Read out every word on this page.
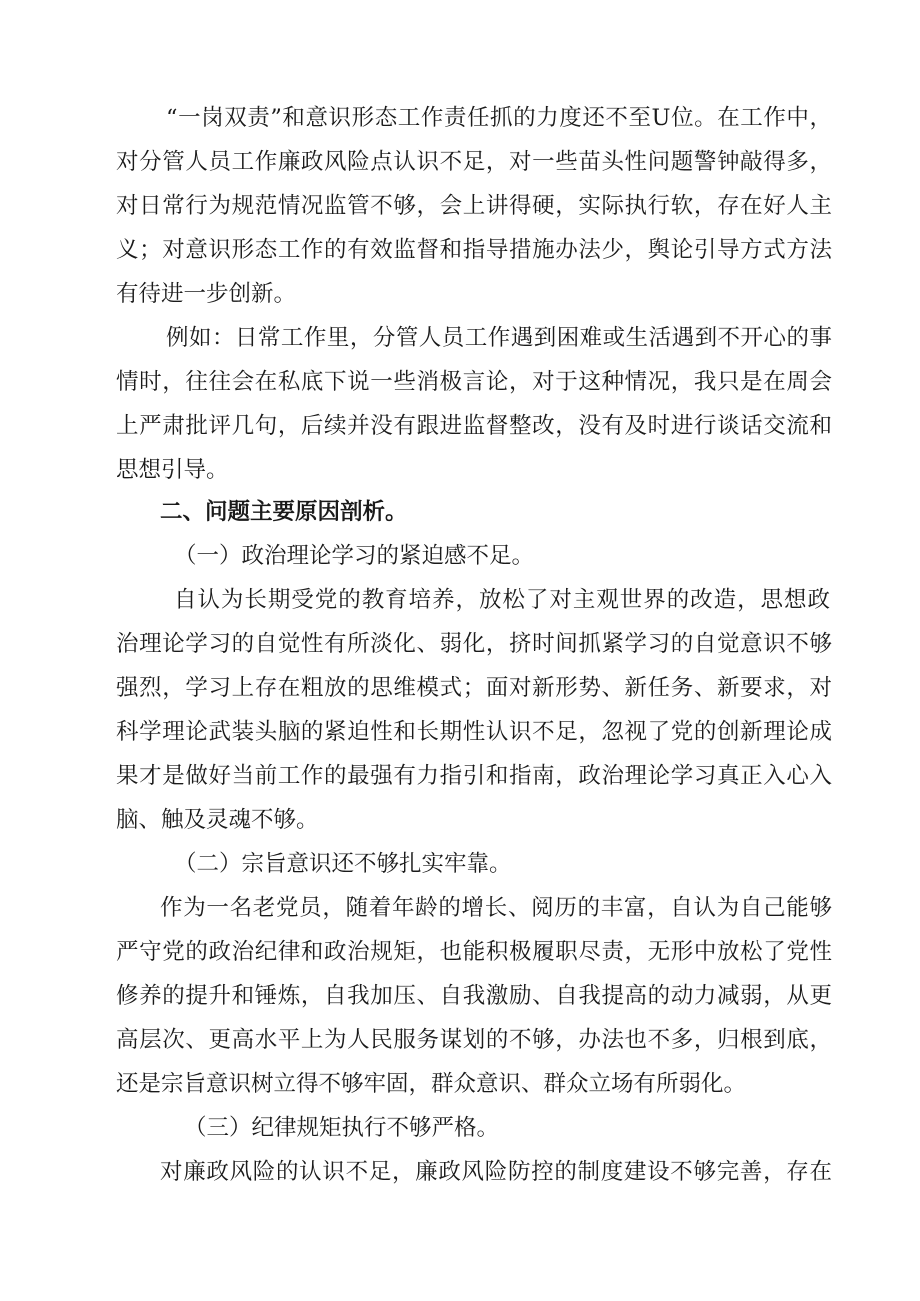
“一岗双责”和意识形态工作责任抓的力度还不至U位。在工作中，
对分管人员工作廉政风险点认识不足，对一些苗头性问题警钟敲得多，
对日常行为规范情况监管不够，会上讲得硬，实际执行软，存在好人主
义；对意识形态工作的有效监督和指导措施办法少，舆论引导方式方法
有待进一步创新。
例如：日常工作里，分管人员工作遇到困难或生活遇到不开心的事
情时，往往会在私底下说一些消极言论，对于这种情况，我只是在周会
上严肃批评几句，后续并没有跟进监督整改，没有及时进行谈话交流和
思想引导。
二、问题主要原因剖析。
（一）政治理论学习的紧迫感不足。
自认为长期受党的教育培养，放松了对主观世界的改造，思想政
治理论学习的自觉性有所淡化、弱化，挤时间抓紧学习的自觉意识不够
强烈，学习上存在粗放的思维模式；面对新形势、新任务、新要求，对
科学理论武装头脑的紧迫性和长期性认识不足，忽视了党的创新理论成
果才是做好当前工作的最强有力指引和指南，政治理论学习真正入心入
脑、触及灵魂不够。
（二）宗旨意识还不够扎实牢靠。
作为一名老党员，随着年龄的增长、阅历的丰富，自认为自己能够
严守党的政治纪律和政治规矩，也能积极履职尽责，无形中放松了党性
修养的提升和锤炼，自我加压、自我激励、自我提高的动力减弱，从更
高层次、更高水平上为人民服务谋划的不够，办法也不多，归根到底，
还是宗旨意识树立得不够牢固，群众意识、群众立场有所弱化。
（三）纪律规矩执行不够严格。
对廉政风险的认识不足，廉政风险防控的制度建设不够完善，存在
